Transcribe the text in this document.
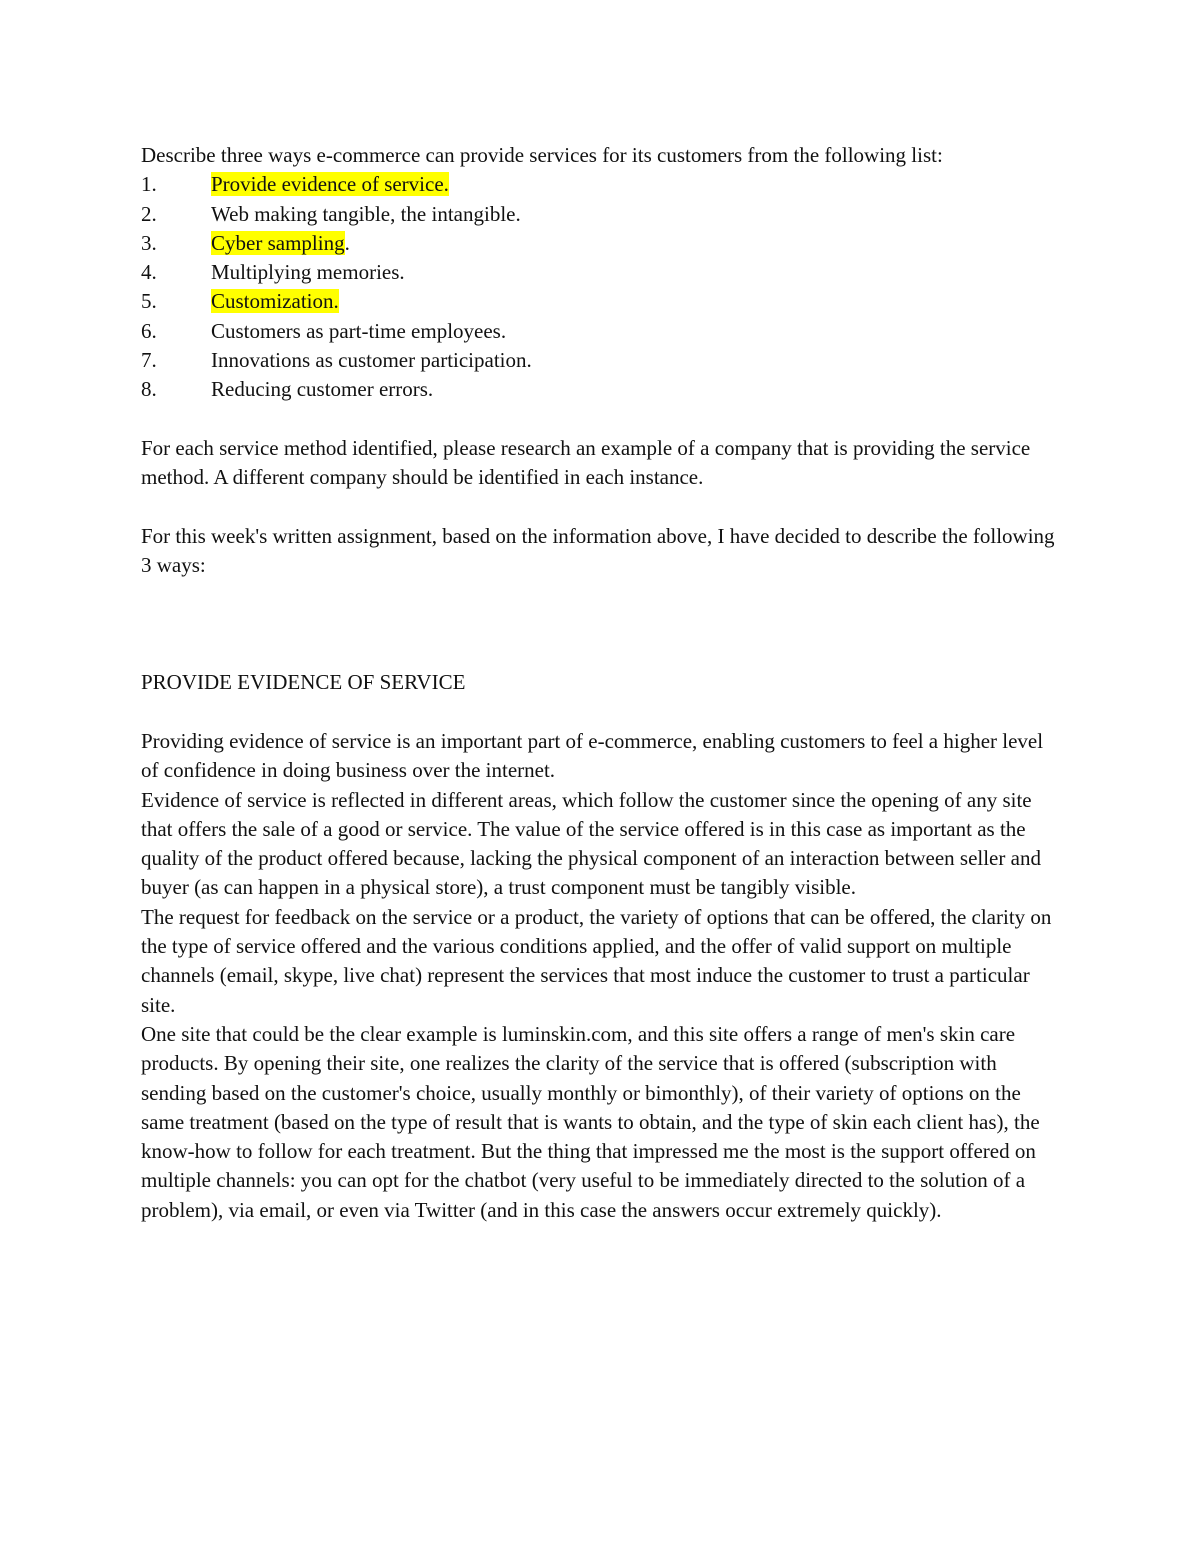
Describe three ways e-commerce can provide services for its customers from the following list:

1.	Provide evidence of service.
2.	Web making tangible, the intangible.
3.	Cyber sampling.
4.	Multiplying memories.
5.	Customization.
6.	Customers as part-time employees.
7.	Innovations as customer participation.
8.	Reducing customer errors.

For each service method identified, please research an example of a company that is providing the service method. A different company should be identified in each instance.

For this week's written assignment, based on the information above, I have decided to describe the following 3 ways:

PROVIDE EVIDENCE OF SERVICE

Providing evidence of service is an important part of e-commerce, enabling customers to feel a higher level of confidence in doing business over the internet.

Evidence of service is reflected in different areas, which follow the customer since the opening of any site that offers the sale of a good or service. The value of the service offered is in this case as important as the quality of the product offered because, lacking the physical component of an interaction between seller and buyer (as can happen in a physical store), a trust component must be tangibly visible.

The request for feedback on the service or a product, the variety of options that can be offered, the clarity on the type of service offered and the various conditions applied, and the offer of valid support on multiple channels (email, skype, live chat) represent the services that most induce the customer to trust a particular site.

One site that could be the clear example is luminskin.com, and this site offers a range of men's skin care products. By opening their site, one realizes the clarity of the service that is offered (subscription with sending based on the customer's choice, usually monthly or bimonthly), of their variety of options on the same treatment (based on the type of result that is wants to obtain, and the type of skin each client has), the know-how to follow for each treatment. But the thing that impressed me the most is the support offered on multiple channels: you can opt for the chatbot (very useful to be immediately directed to the solution of a problem), via email, or even via Twitter (and in this case the answers occur extremely quickly).
